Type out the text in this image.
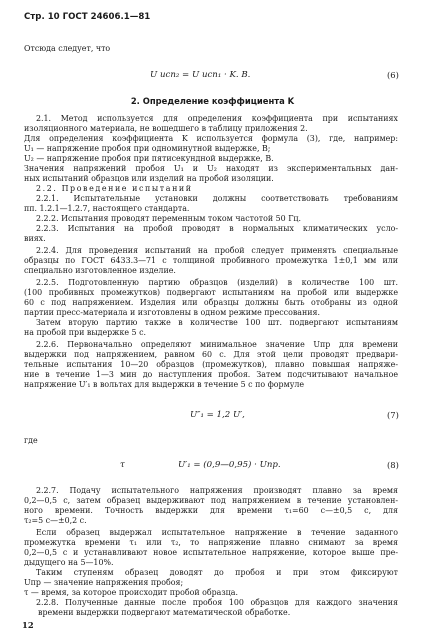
Стр. 10 ГОСТ 24606.1—81
Отсюда следует, что
U исп₂ = U исп₁ · K. В.	(6)
2. Определение коэффициента K
2.1. Метод используется для определения коэффициента при испытаниях
изоляционного материала, не вошедшего в таблицу приложения 2.
Для определения коэффициента K используется формула (3), где, например:
U₁ — напряжение пробоя при одноминутной выдержке, В;
U₂ — напряжение пробоя при пятисекундной выдержке, В.
Значения напряжений пробоя U₁ и U₂ находят из экспериментальных дан-
ных испытаний образцов или изделий на пробой изоляции.
2.2. Проведение испытаний
2.2.1. Испытательные установки должны соответствовать требованиям
пп. 1.2.1—1.2.7, настоящего стандарта.
2.2.2. Испытания проводят переменным током частотой 50 Гц.
2.2.3. Испытания на пробой проводят в нормальных климатических усло-
виях.
2.2.4. Для проведения испытаний на пробой следует применять специальные
образцы по ГОСТ 6433.3—71 с толщиной пробивного промежутка 1±0,1 мм или
специально изготовленное изделие.
2.2.5. Подготовленную партию образцов (изделий) в количестве 100 шт.
(100 пробивных промежутков) подвергают испытаниям на пробой или выдержке
60 с под напряжением. Изделия или образцы должны быть отобраны из одной
партии пресс-материала и изготовлены в одном режиме прессования.
Затем вторую партию также в количестве 100 шт. подвергают испытаниям
на пробой при выдержке 5 с.
2.2.6. Первоначально определяют минимальное значение Uпр для времени
выдержки под напряжением, равном 60 с. Для этой цели проводят предвари-
тельные испытания 10—20 образцов (промежутков), плавно повышая напряже-
ние в течение 1—3 мин до наступления пробоя. Затем подсчитывают начальное
напряжение U′₁ в вольтах для выдержки в течение 5 с по формуле
U″₁ = 1,2 U′,	(7)
где
τ	U′₁ = (0,9—0,95) · Uпр.	(8)
2.2.7. Подачу испытательного напряжения производят плавно за время
0,2—0,5 с, затем образец выдерживают под напряжением в течение установлен-
ного времени. Точность выдержки для времени τ₁=60 с—±0,5 с, для
τ₂=5 с—±0,2 с.
Если образец выдержал испытательное напряжение в течение заданного
промежутка времени τ₁ или τ₂, то напряжение плавно снимают за время
0,2—0,5 с и устанавливают новое испытательное напряжение, которое выше пре-
дыдущего на 5—10%.
Таким ступеням образец доводят до пробоя и при этом фиксируют
Uпр — значение напряжения пробоя;
τ — время, за которое происходит пробой образца.
2.2.8. Полученные данные после пробоя 100 образцов для каждого значения
времени выдержки подвергают математической обработке.
12
